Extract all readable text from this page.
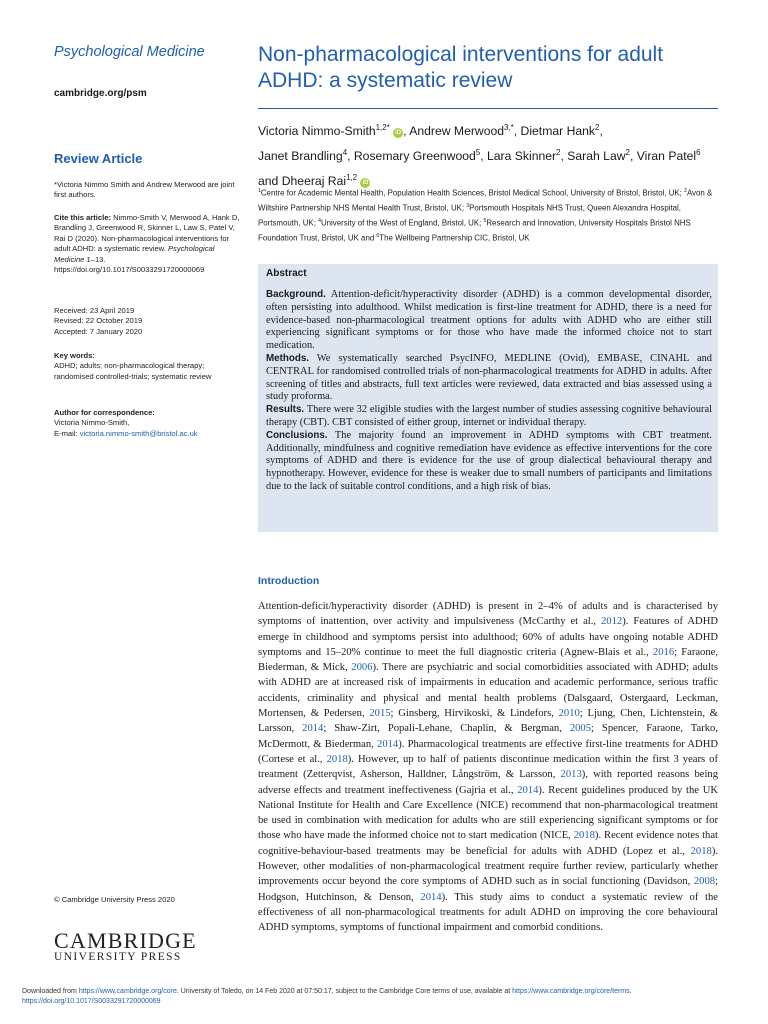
Psychological Medicine
cambridge.org/psm
Review Article
*Victoria Nimmo Smith and Andrew Merwood are joint first authors.
Cite this article: Nimmo-Smith V, Merwood A, Hank D, Brandling J, Greenwood R, Skinner L, Law S, Patel V, Rai D (2020). Non-pharmacological interventions for adult ADHD: a systematic review. Psychological Medicine 1–13. https://doi.org/10.1017/S0033291720000069
Received: 23 April 2019
Revised: 22 October 2019
Accepted: 7 January 2020
Key words:
ADHD; adults; non-pharmacological therapy; randomised controlled-trials; systematic review
Author for correspondence:
Victoria Nimmo-Smith,
E-mail: victoria.nimmo-smith@bristol.ac.uk
© Cambridge University Press 2020
CAMBRIDGE
UNIVERSITY PRESS
Non-pharmacological interventions for adult ADHD: a systematic review
Victoria Nimmo-Smith$^{1,2*}$ iD , Andrew Merwood$^{3,*}$, Dietmar Hank$^2$,
Janet Brandling$^4$, Rosemary Greenwood$^5$, Lara Skinner$^2$, Sarah Law$^2$, Viran Patel$^6$
and Dheeraj Rai$^{1,2}$ iD
$^1$Centre for Academic Mental Health, Population Health Sciences, Bristol Medical School, University of Bristol, Bristol, UK; $^2$Avon & Wiltshire Partnership NHS Mental Health Trust, Bristol, UK; $^3$Portsmouth Hospitals NHS Trust, Queen Alexandra Hospital, Portsmouth, UK; $^4$University of the West of England, Bristol, UK; $^5$Research and Innovation, University Hospitals Bristol NHS Foundation Trust, Bristol, UK and $^6$The Wellbeing Partnership CIC, Bristol, UK
Abstract

Background. Attention-deficit/hyperactivity disorder (ADHD) is a common developmental disorder, often persisting into adulthood. Whilst medication is first-line treatment for ADHD, there is a need for evidence-based non-pharmacological treatment options for adults with ADHD who are either still experiencing significant symptoms or for those who have made the informed choice not to start medication.

Methods. We systematically searched PsycINFO, MEDLINE (Ovid), EMBASE, CINAHL and CENTRAL for randomised controlled trials of non-pharmacological treatments for ADHD in adults. After screening of titles and abstracts, full text articles were reviewed, data extracted and bias assessed using a study proforma.

Results. There were 32 eligible studies with the largest number of studies assessing cognitive behavioural therapy (CBT). CBT consisted of either group, internet or individual therapy.

Conclusions. The majority found an improvement in ADHD symptoms with CBT treatment. Additionally, mindfulness and cognitive remediation have evidence as effective interventions for the core symptoms of ADHD and there is evidence for the use of group dialectical behavioural therapy and hypnotherapy. However, evidence for these is weaker due to small numbers of participants and limitations due to the lack of suitable control conditions, and a high risk of bias.

Introduction
Attention-deficit/hyperactivity disorder (ADHD) is present in 2–4% of adults and is characterised by symptoms of inattention, over activity and impulsiveness (McCarthy et al., 2012). Features of ADHD emerge in childhood and symptoms persist into adulthood; 60% of adults have ongoing notable ADHD symptoms and 15–20% continue to meet the full diagnostic criteria (Agnew-Blais et al., 2016; Faraone, Biederman, & Mick, 2006). There are psychiatric and social comorbidities associated with ADHD; adults with ADHD are at increased risk of impairments in education and academic performance, serious traffic accidents, criminality and physical and mental health problems (Dalsgaard, Ostergaard, Leckman, Mortensen, & Pedersen, 2015; Ginsberg, Hirvikoski, & Lindefors, 2010; Ljung, Chen, Lichtenstein, & Larsson, 2014; Shaw-Zirt, Popali-Lehane, Chaplin, & Bergman, 2005; Spencer, Faraone, Tarko, McDermott, & Biederman, 2014). Pharmacological treatments are effective first-line treatments for ADHD (Cortese et al., 2018). However, up to half of patients discontinue medication within the first 3 years of treatment (Zetterqvist, Asherson, Halldner, Långström, & Larsson, 2013), with reported reasons being adverse effects and treatment ineffectiveness (Gajria et al., 2014). Recent guidelines produced by the UK National Institute for Health and Care Excellence (NICE) recommend that non-pharmacological treatment be used in combination with medication for adults who are still experiencing significant symptoms or for those who have made the informed choice not to start medication (NICE, 2018). Recent evidence notes that cognitive-behaviour-based treatments may be beneficial for adults with ADHD (Lopez et al., 2018). However, other modalities of non-pharmacological treatment require further review, particularly whether improvements occur beyond the core symptoms of ADHD such as in social functioning (Davidson, 2008; Hodgson, Hutchinson, & Denson, 2014). This study aims to conduct a systematic review of the effectiveness of all non-pharmacological treatments for adult ADHD on improving the core behavioural ADHD symptoms, symptoms of functional impairment and comorbid conditions.
Downloaded from https://www.cambridge.org/core. University of Toledo, on 14 Feb 2020 at 07:50:17, subject to the Cambridge Core terms of use, available at https://www.cambridge.org/core/terms.
https://doi.org/10.1017/S0033291720000069
